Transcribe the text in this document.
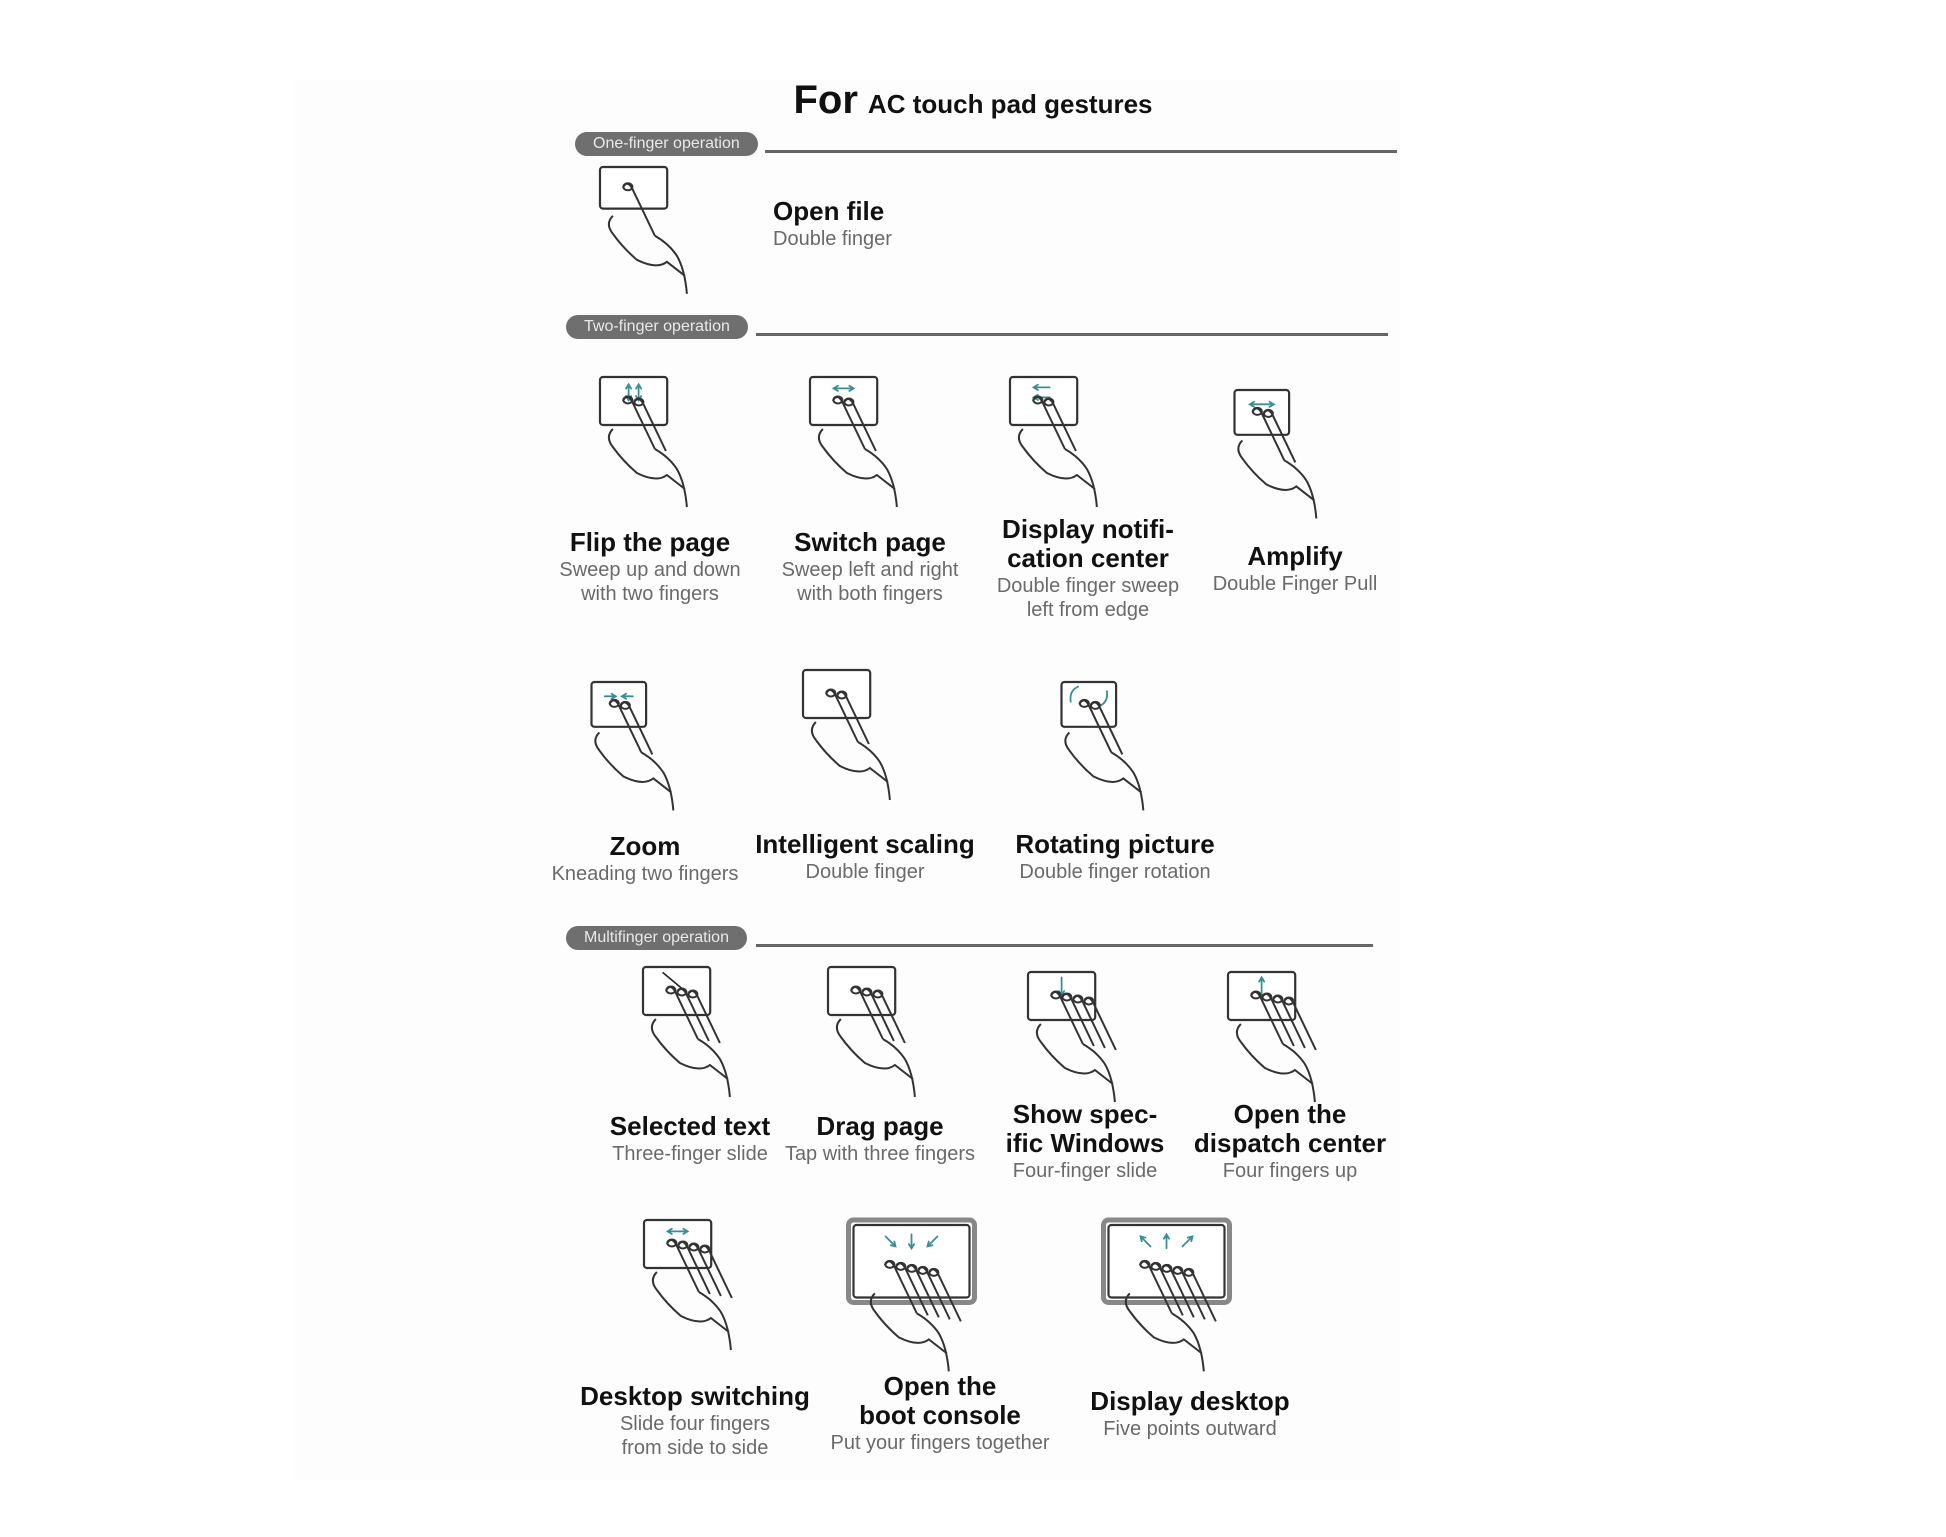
For AC touch pad gestures
One-finger operation
Two-finger operation
Multifinger operation
Open file
Double finger
Flip the page
Sweep up and down
with two fingers
Switch page
Sweep left and right
with both fingers
Display notifi-
cation center
Double finger sweep
left from edge
Amplify
Double Finger Pull
Zoom
Kneading two fingers
Intelligent scaling
Double finger
Rotating picture
Double finger rotation
Selected text
Three-finger slide
Drag page
Tap with three fingers
Show spec-
ific Windows
Four-finger slide
Open the
dispatch center
Four fingers up
Desktop switching
Slide four fingers
from side to side
Open the
boot console
Put your fingers together
Display desktop
Five points outward
